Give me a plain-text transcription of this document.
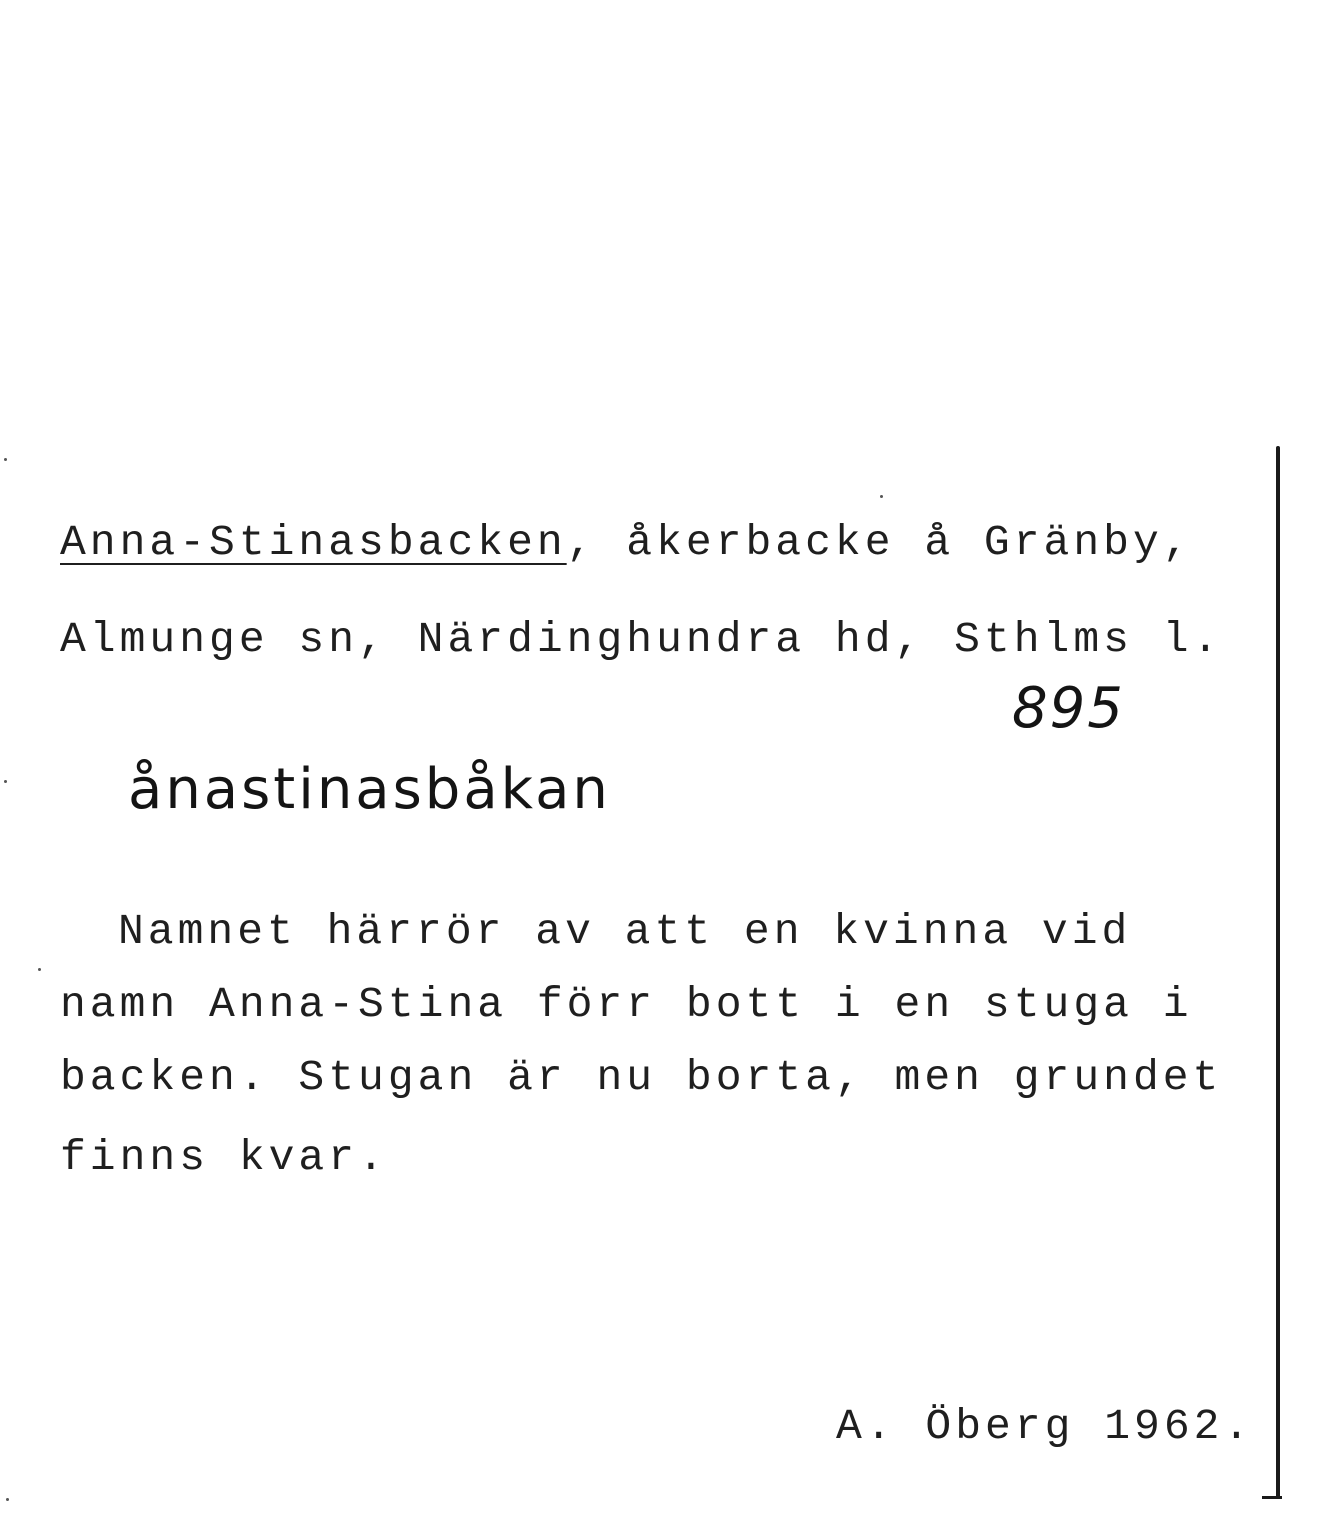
Anna-Stinasbacken, åkerbacke å Gränby,
Almunge sn, Närdinghundra hd, Sthlms l.
895
ånastinasbåkan
Namnet härrör av att en kvinna vid
namn Anna-Stina förr bott i en stuga i
backen. Stugan är nu borta, men grundet
finns kvar.
A. Öberg 1962.
